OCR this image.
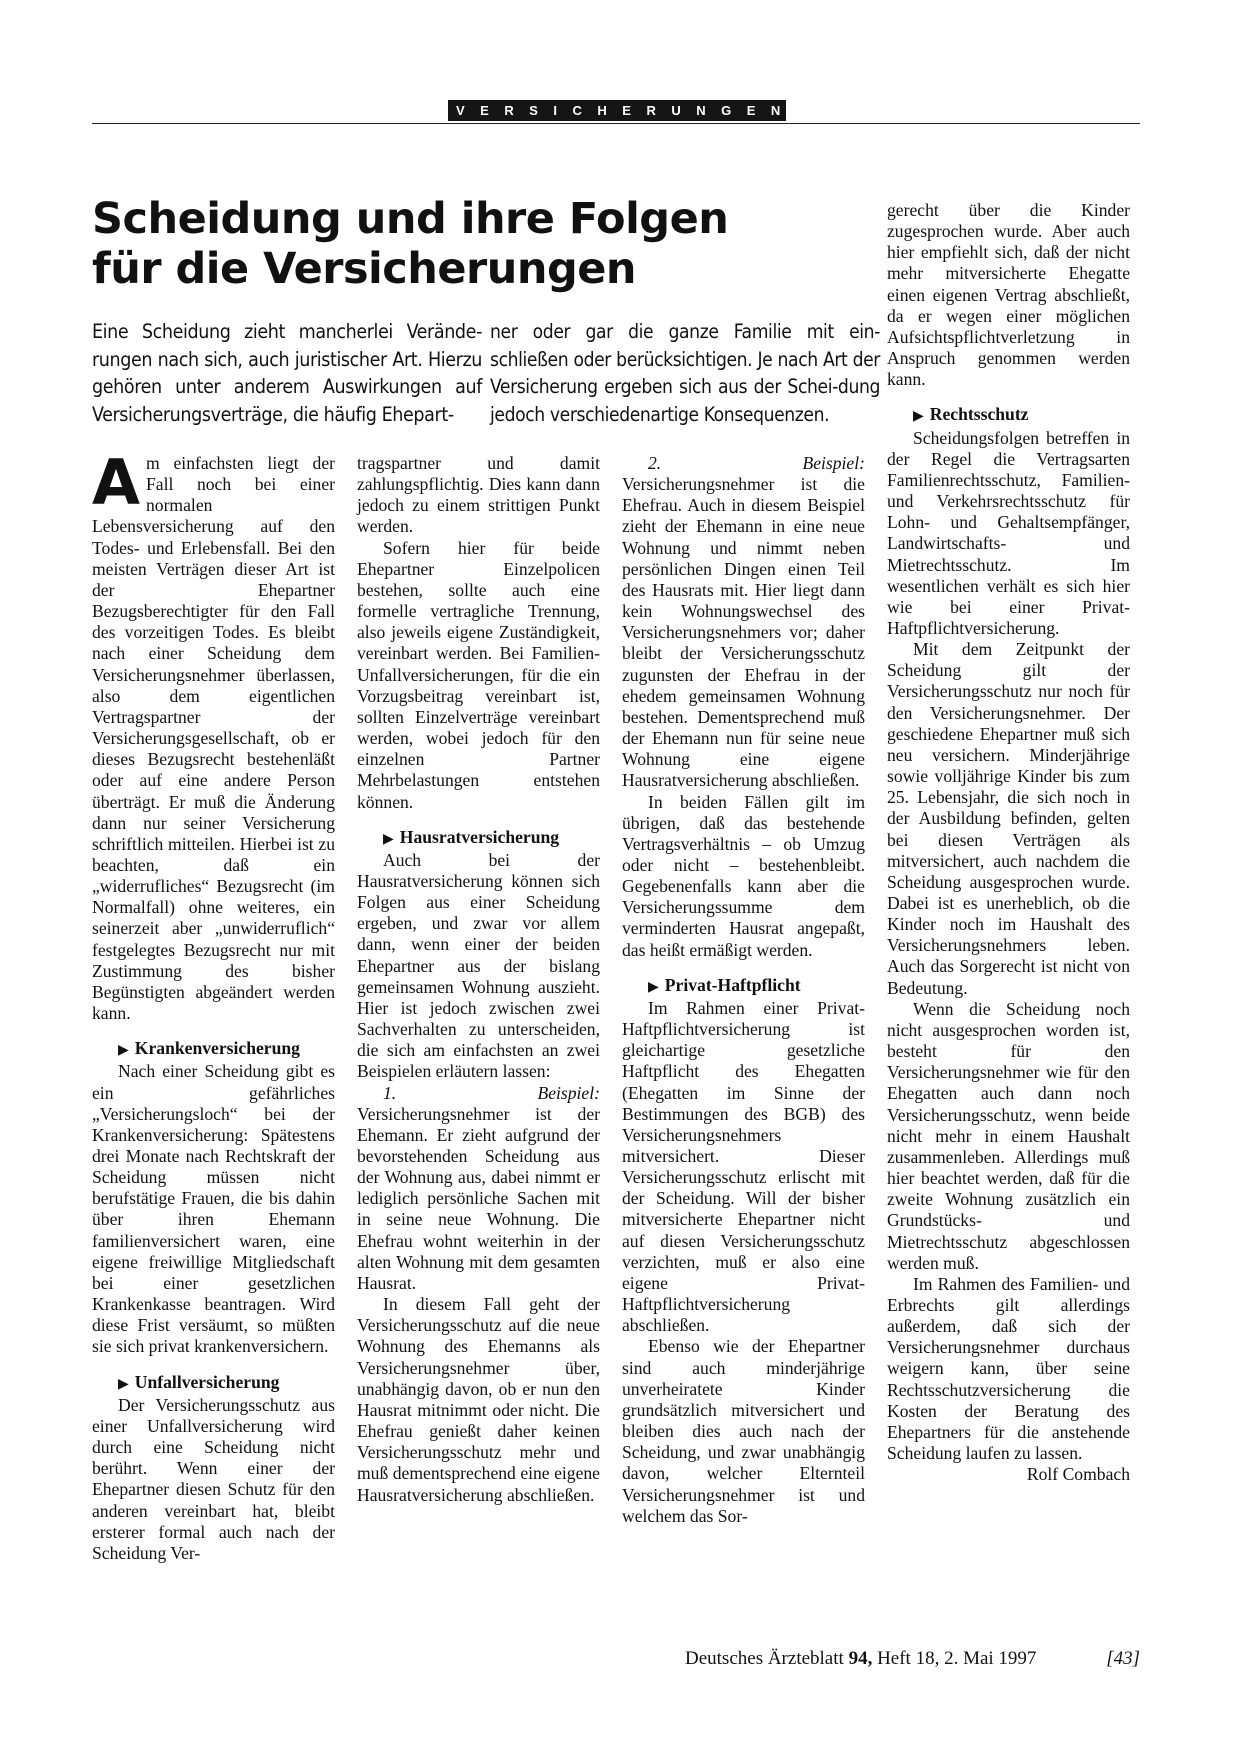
VERSICHERUNGEN
Scheidung und ihre Folgen
für die Versicherungen

Eine Scheidung zieht mancherlei Verände-rungen nach sich, auch juristischer Art. Hierzu gehören unter anderem Auswirkungen auf Versicherungsverträge, die häufig Ehepart-

ner oder gar die ganze Familie mit ein-schließen oder berücksichtigen. Je nach Art der Versicherung ergeben sich aus der Schei-dung jedoch verschiedenartige Konsequenzen.

Am einfachsten liegt der Fall noch bei einer normalen Lebensversicherung auf den Todes- und Erlebensfall. Bei den meisten Verträgen dieser Art ist der Ehepartner Bezugsberechtigter für den Fall des vorzeitigen Todes. Es bleibt nach einer Scheidung dem Versicherungsnehmer überlassen, also dem eigentlichen Vertragspartner der Versicherungsgesellschaft, ob er dieses Bezugsrecht bestehenläßt oder auf eine andere Person überträgt. Er muß die Änderung dann nur seiner Versicherung schriftlich mitteilen. Hierbei ist zu beachten, daß ein „widerrufliches“ Bezugsrecht (im Normalfall) ohne weiteres, ein seinerzeit aber „unwiderruflich“ festgelegtes Bezugsrecht nur mit Zustimmung des bisher Begünstigten abgeändert werden kann.

▶ Krankenversicherung

Nach einer Scheidung gibt es ein gefährliches „Versicherungsloch“ bei der Krankenversicherung: Spätestens drei Monate nach Rechtskraft der Scheidung müssen nicht berufstätige Frauen, die bis dahin über ihren Ehemann familienversichert waren, eine eigene freiwillige Mitgliedschaft bei einer gesetzlichen Krankenkasse beantragen. Wird diese Frist versäumt, so müßten sie sich privat krankenversichern.

▶ Unfallversicherung

Der Versicherungsschutz aus einer Unfallversicherung wird durch eine Scheidung nicht berührt. Wenn einer der Ehepartner diesen Schutz für den anderen vereinbart hat, bleibt ersterer formal auch nach der Scheidung Ver-

tragspartner und damit zahlungspflichtig. Dies kann dann jedoch zu einem strittigen Punkt werden.

Sofern hier für beide Ehepartner Einzelpolicen bestehen, sollte auch eine formelle vertragliche Trennung, also jeweils eigene Zuständigkeit, vereinbart werden. Bei Familien-Unfallversicherungen, für die ein Vorzugsbeitrag vereinbart ist, sollten Einzelverträge vereinbart werden, wobei jedoch für den einzelnen Partner Mehrbelastungen entstehen können.

▶ Hausratversicherung

Auch bei der Hausratversicherung können sich Folgen aus einer Scheidung ergeben, und zwar vor allem dann, wenn einer der beiden Ehepartner aus der bislang gemeinsamen Wohnung auszieht. Hier ist jedoch zwischen zwei Sachverhalten zu unterscheiden, die sich am einfachsten an zwei Beispielen erläutern lassen:

1. Beispiel: Versicherungsnehmer ist der Ehemann. Er zieht aufgrund der bevorstehenden Scheidung aus der Wohnung aus, dabei nimmt er lediglich persönliche Sachen mit in seine neue Wohnung. Die Ehefrau wohnt weiterhin in der alten Wohnung mit dem gesamten Hausrat.

In diesem Fall geht der Versicherungsschutz auf die neue Wohnung des Ehemanns als Versicherungsnehmer über, unabhängig davon, ob er nun den Hausrat mitnimmt oder nicht. Die Ehefrau genießt daher keinen Versicherungsschutz mehr und muß dementsprechend eine eigene Hausratversicherung abschließen.

2. Beispiel: Versicherungsnehmer ist die Ehefrau. Auch in diesem Beispiel zieht der Ehemann in eine neue Wohnung und nimmt neben persönlichen Dingen einen Teil des Hausrats mit. Hier liegt dann kein Wohnungswechsel des Versicherungsnehmers vor; daher bleibt der Versicherungsschutz zugunsten der Ehefrau in der ehedem gemeinsamen Wohnung bestehen. Dementsprechend muß der Ehemann nun für seine neue Wohnung eine eigene Hausratversicherung abschließen.

In beiden Fällen gilt im übrigen, daß das bestehende Vertragsverhältnis – ob Umzug oder nicht – bestehenbleibt. Gegebenenfalls kann aber die Versicherungssumme dem verminderten Hausrat angepaßt, das heißt ermäßigt werden.

▶ Privat-Haftpflicht

Im Rahmen einer Privat-Haftpflichtversicherung ist gleichartige gesetzliche Haftpflicht des Ehegatten (Ehegatten im Sinne der Bestimmungen des BGB) des Versicherungsnehmers mitversichert. Dieser Versicherungsschutz erlischt mit der Scheidung. Will der bisher mitversicherte Ehepartner nicht auf diesen Versicherungsschutz verzichten, muß er also eine eigene Privat-Haftpflichtversicherung abschließen.

Ebenso wie der Ehepartner sind auch minderjährige unverheiratete Kinder grundsätzlich mitversichert und bleiben dies auch nach der Scheidung, und zwar unabhängig davon, welcher Elternteil Versicherungsnehmer ist und welchem das Sor-

gerecht über die Kinder zugesprochen wurde. Aber auch hier empfiehlt sich, daß der nicht mehr mitversicherte Ehegatte einen eigenen Vertrag abschließt, da er wegen einer möglichen Aufsichtspflichtverletzung in Anspruch genommen werden kann.

▶ Rechtsschutz

Scheidungsfolgen betreffen in der Regel die Vertragsarten Familienrechtsschutz, Familien- und Verkehrsrechtsschutz für Lohn- und Gehaltsempfänger, Landwirtschafts- und Mietrechtsschutz. Im wesentlichen verhält es sich hier wie bei einer Privat-Haftpflichtversicherung.

Mit dem Zeitpunkt der Scheidung gilt der Versicherungsschutz nur noch für den Versicherungsnehmer. Der geschiedene Ehepartner muß sich neu versichern. Minderjährige sowie volljährige Kinder bis zum 25. Lebensjahr, die sich noch in der Ausbildung befinden, gelten bei diesen Verträgen als mitversichert, auch nachdem die Scheidung ausgesprochen wurde. Dabei ist es unerheblich, ob die Kinder noch im Haushalt des Versicherungsnehmers leben. Auch das Sorgerecht ist nicht von Bedeutung.

Wenn die Scheidung noch nicht ausgesprochen worden ist, besteht für den Versicherungsnehmer wie für den Ehegatten auch dann noch Versicherungsschutz, wenn beide nicht mehr in einem Haushalt zusammenleben. Allerdings muß hier beachtet werden, daß für die zweite Wohnung zusätzlich ein Grundstücks- und Mietrechtsschutz abgeschlossen werden muß.

Im Rahmen des Familien- und Erbrechts gilt allerdings außerdem, daß sich der Versicherungsnehmer durchaus weigern kann, über seine Rechtsschutzversicherung die Kosten der Beratung des Ehepartners für die anstehende Scheidung laufen zu lassen.
Rolf Combach

Deutsches Ärzteblatt 94, Heft 18, 2. Mai 1997	[43]
